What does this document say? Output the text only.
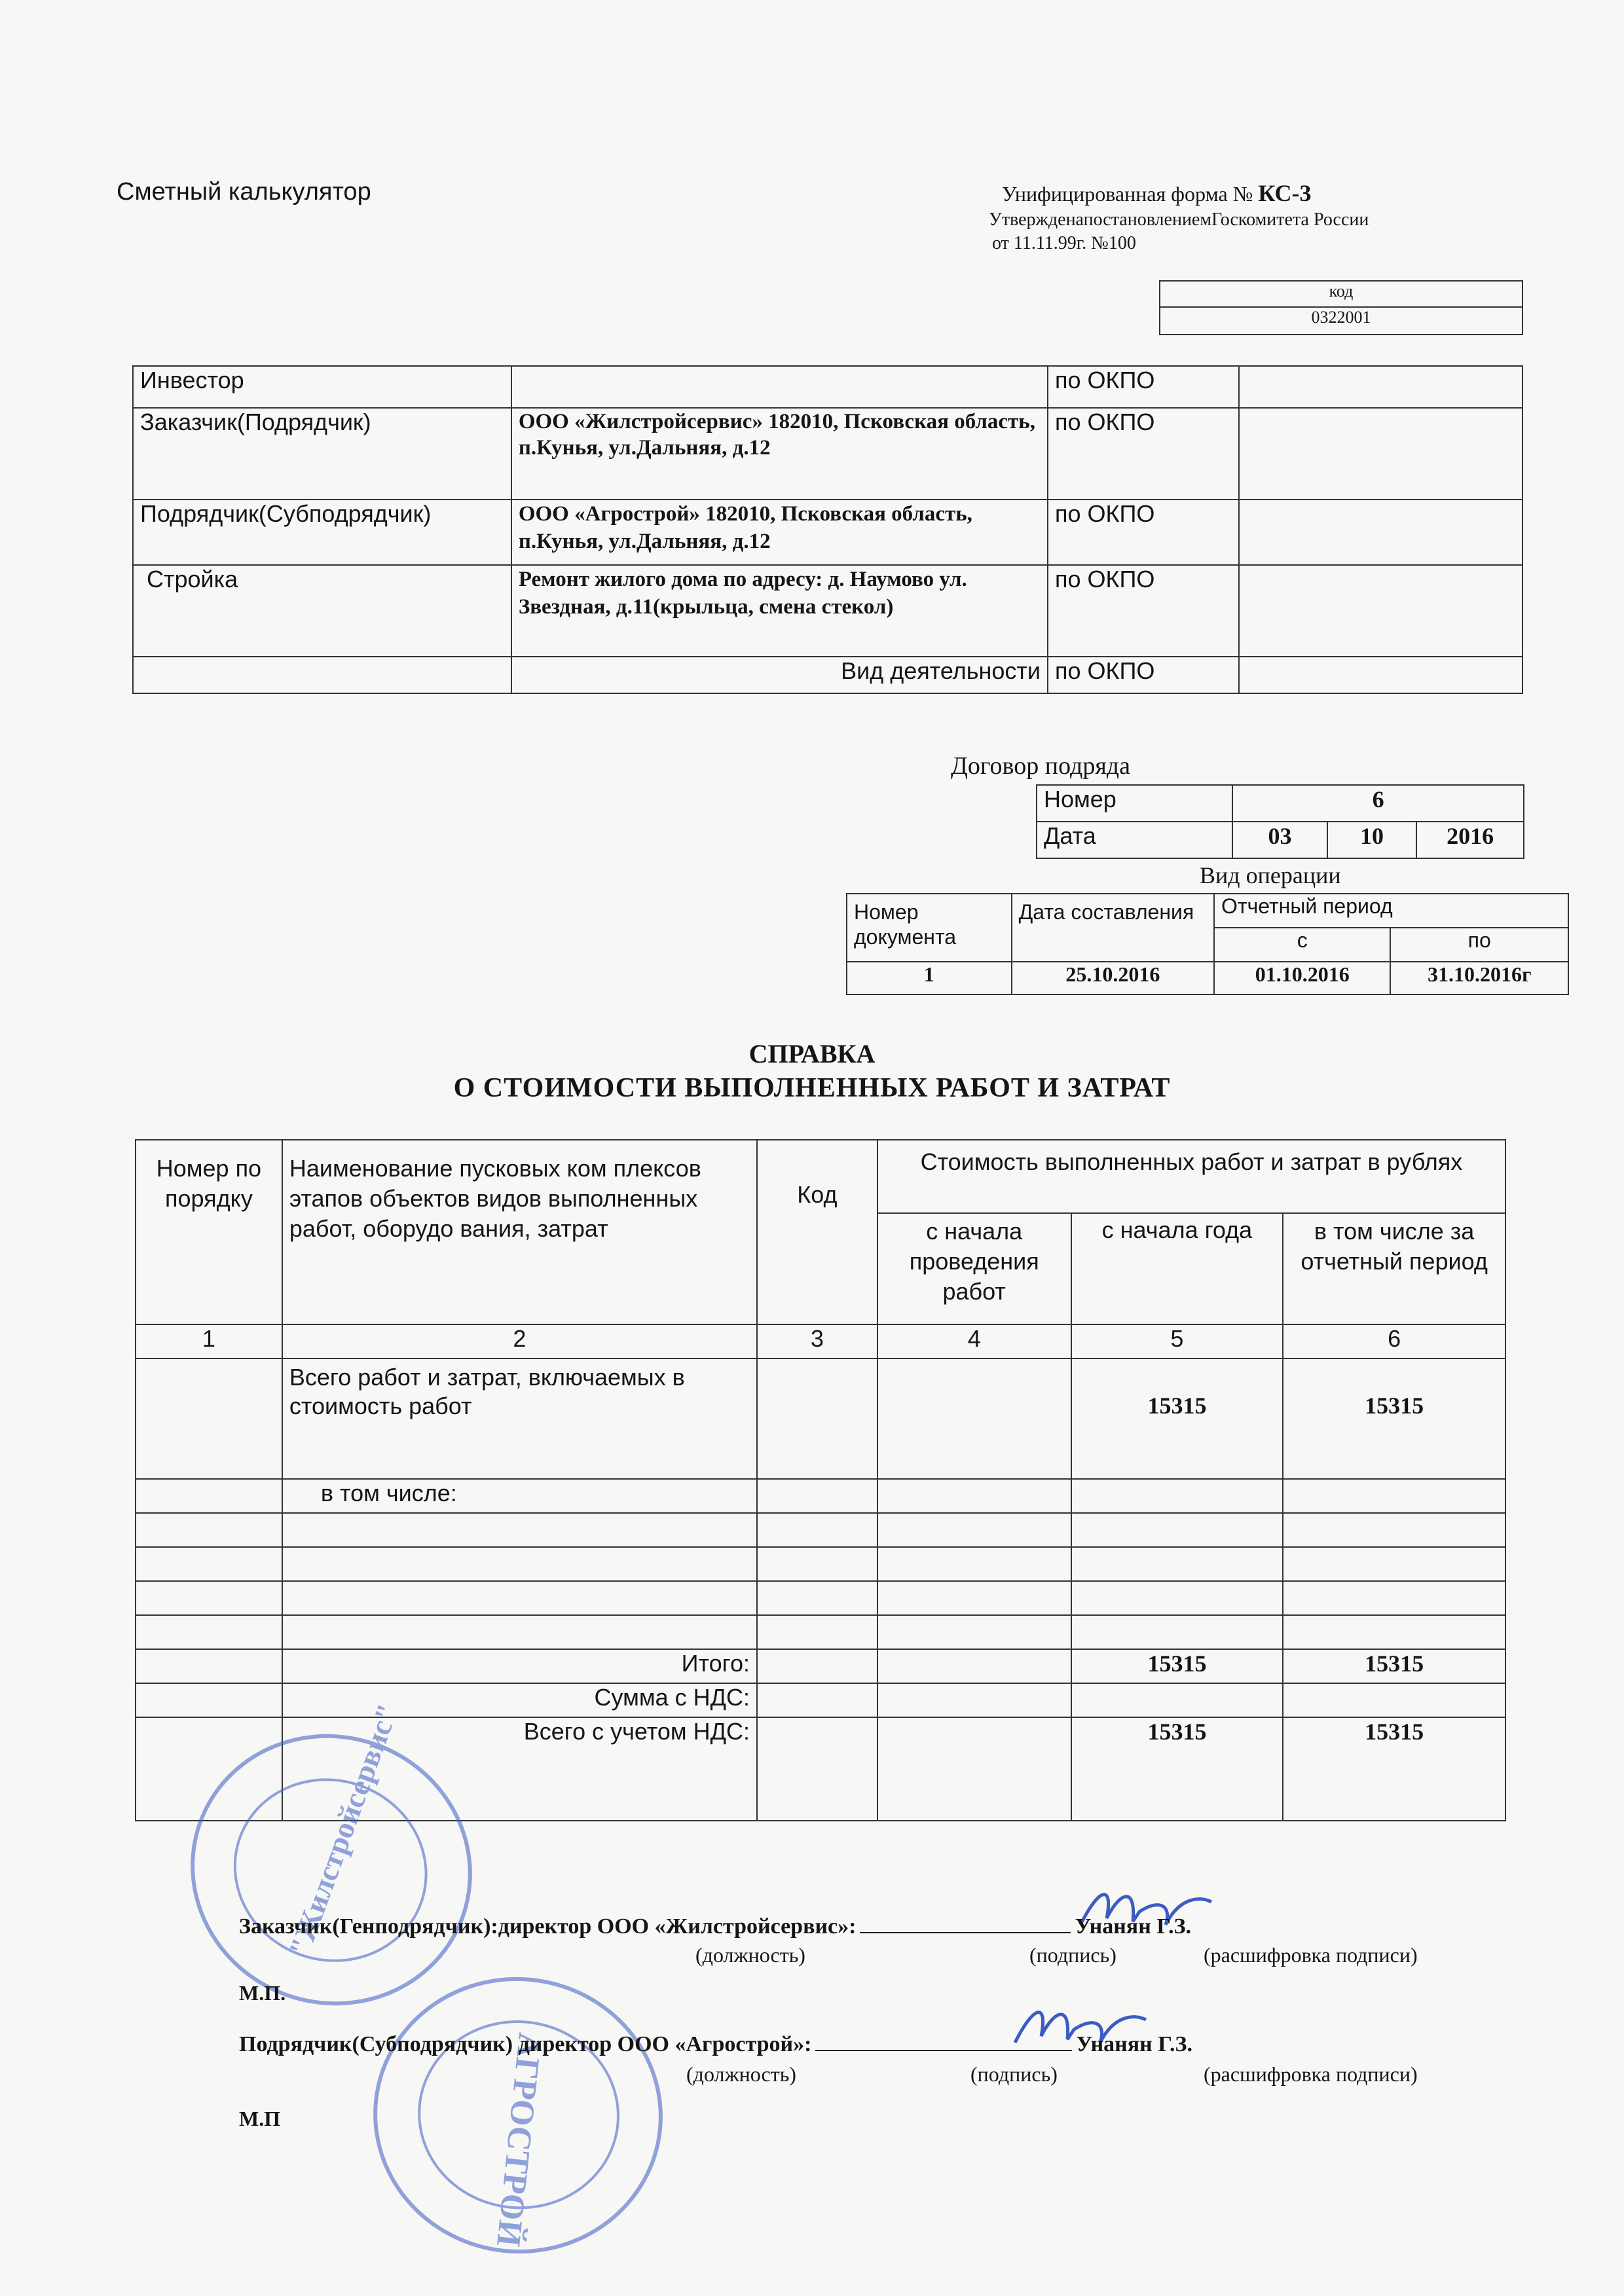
Сметный калькулятор	Унифицированная форма № КС-3
УтвержденапостановлениемГоскомитета России
от 11.11.99г. №100
код
0322001
Инвестор		по ОКПО	
Заказчик(Подрядчик)	ООО «Жилстройсервис» 182010, Псковская область, п.Кунья, ул.Дальняя, д.12	по ОКПО	
Подрядчик(Субподрядчик)	ООО «Агрострой» 182010, Псковская область, п.Кунья, ул.Дальняя, д.12	по ОКПО	
Стройка	Ремонт жилого дома по адресу: д. Наумово ул. Звездная, д.11(крыльца, смена стекол)	по ОКПО	
	Вид деятельности	по ОКПО	
Договор подряда
Номер	6		
Дата	03	10	2016
Вид операции
Номер документа	Дата составления	Отчетный период	
		с	по
1	25.10.2016	01.10.2016	31.10.2016г
СПРАВКА
О СТОИМОСТИ ВЫПОЛНЕННЫХ РАБОТ И ЗАТРАТ
Номер по порядку	Наименование пусковых ком плексов этапов объектов видов выполненных работ, оборудо вания, затрат	Код	Стоимость выполненных работ и затрат в рублях		
			с начала проведения работ	с начала года	в том числе за отчетный период
1	2	3	4	5	6
	Всего работ и затрат, включаемых в стоимость работ			15315	15315
	в том числе:				

	Итого:			15315	15315
	Сумма с НДС:				
	Всего с учетом НДС:			15315	15315
"Жилстройсервис"
АГРОСТРОЙ
Заказчик(Генподрядчик):директор ООО «Жилстройсервис»:	Унанян Г.З.
(должность)	(подпись)	(расшифровка подписи)
М.П.
Подрядчик(Субподрядчик) директор ООО «Агрострой»:	Унанян Г.З.
(должность)	(подпись)	(расшифровка подписи)
М.П
